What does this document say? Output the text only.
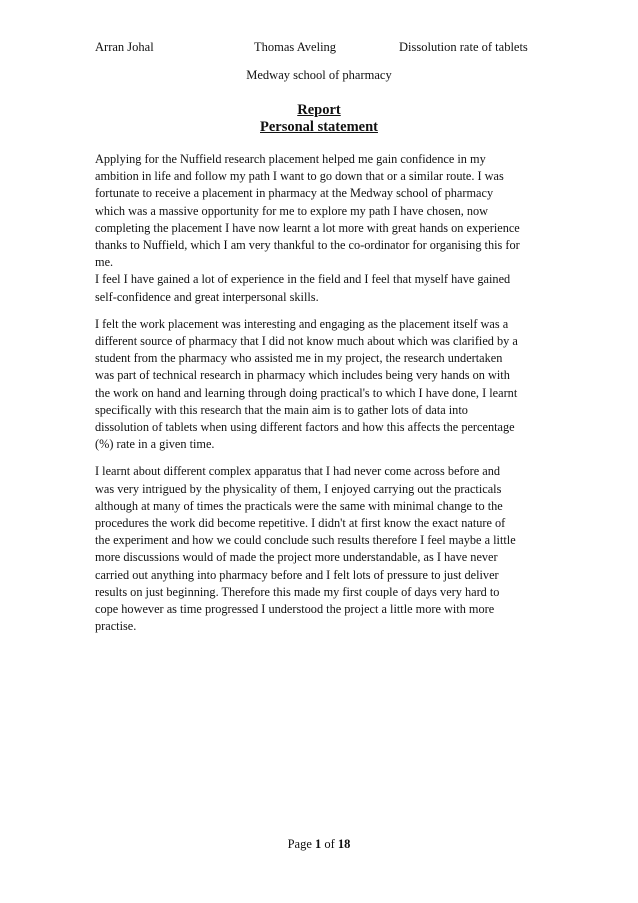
Arran Johal	Thomas Aveling	Dissolution rate of tablets
Medway school of pharmacy
Report
Personal statement
Applying for the Nuffield research placement helped me gain confidence in my
ambition in life and follow my path I want to go down that or a similar route. I was
fortunate to receive a placement in pharmacy at the Medway school of pharmacy
which was a massive opportunity for me to explore my path I have chosen, now
completing the placement I have now learnt a lot more with great hands on experience
thanks to Nuffield, which I am very thankful to the co-ordinator for organising this for
me.
I feel I have gained a lot of experience in the field and I feel that myself have gained
self-confidence and great interpersonal skills.
I felt the work placement was interesting and engaging as the placement itself was a
different source of pharmacy that I did not know much about which was clarified by a
student from the pharmacy who assisted me in my project, the research undertaken
was part of technical research in pharmacy which includes being very hands on with
the work on hand and learning through doing practical's to which I have done, I learnt
specifically with this research that the main aim is to gather lots of data into
dissolution of tablets when using different factors and how this affects the percentage
(%) rate in a given time.
I learnt about different complex apparatus that I had never come across before and
was very intrigued by the physicality of them, I enjoyed carrying out the practicals
although at many of times the practicals were the same with minimal change to the
procedures the work did become repetitive. I didn't at first know the exact nature of
the experiment and how we could conclude such results therefore I feel maybe a little
more discussions would of made the project more understandable, as I have never
carried out anything into pharmacy before and I felt lots of pressure to just deliver
results on just beginning. Therefore this made my first couple of days very hard to
cope however as time progressed I understood the project a little more with more
practise.
Page 1 of 18
